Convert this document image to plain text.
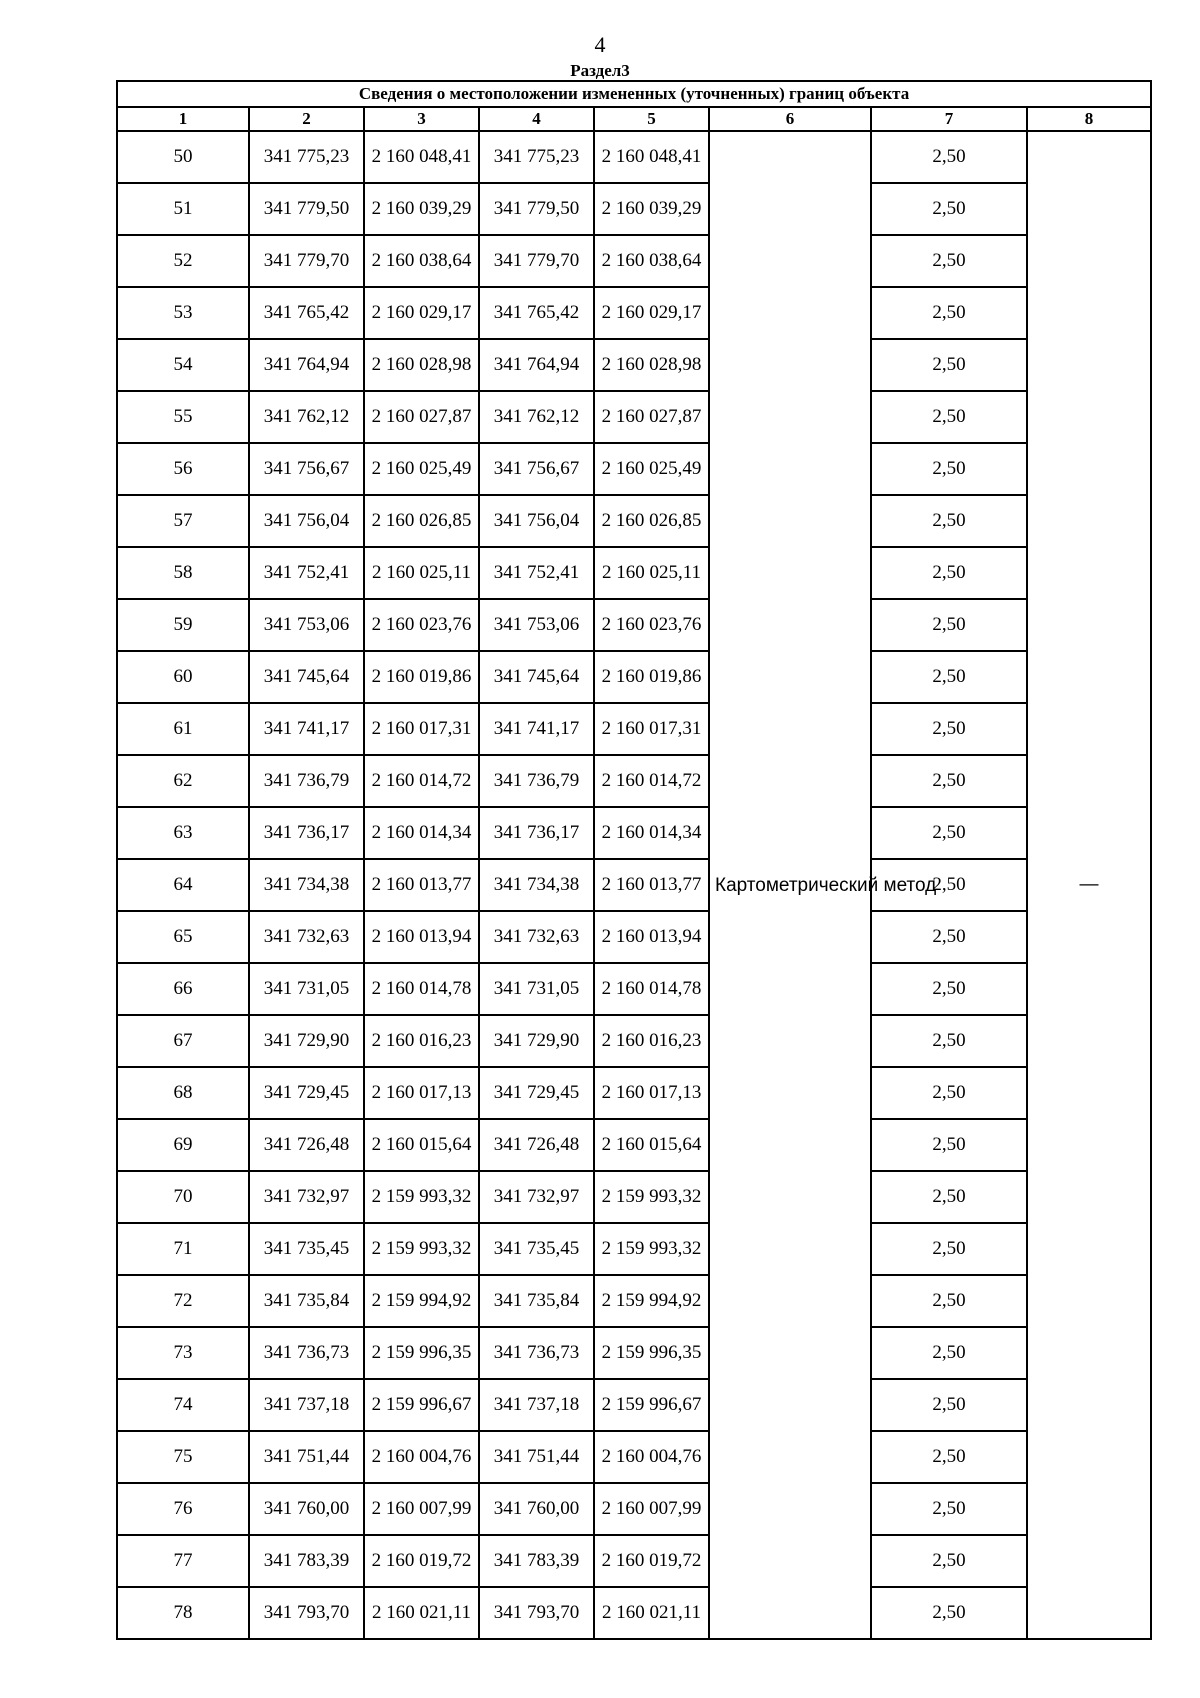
4
Раздел3
Сведения о местоположении измененных (уточненных) границ объекта							
1	2	3	4	5	6	7	8
50	341 775,23	2 160 048,41	341 775,23	2 160 048,41	Картометрический метод	2,50	—
51	341 779,50	2 160 039,29	341 779,50	2 160 039,29		2,50	
52	341 779,70	2 160 038,64	341 779,70	2 160 038,64		2,50	
53	341 765,42	2 160 029,17	341 765,42	2 160 029,17		2,50	
54	341 764,94	2 160 028,98	341 764,94	2 160 028,98		2,50	
55	341 762,12	2 160 027,87	341 762,12	2 160 027,87		2,50	
56	341 756,67	2 160 025,49	341 756,67	2 160 025,49		2,50	
57	341 756,04	2 160 026,85	341 756,04	2 160 026,85		2,50	
58	341 752,41	2 160 025,11	341 752,41	2 160 025,11		2,50	
59	341 753,06	2 160 023,76	341 753,06	2 160 023,76		2,50	
60	341 745,64	2 160 019,86	341 745,64	2 160 019,86		2,50	
61	341 741,17	2 160 017,31	341 741,17	2 160 017,31		2,50	
62	341 736,79	2 160 014,72	341 736,79	2 160 014,72		2,50	
63	341 736,17	2 160 014,34	341 736,17	2 160 014,34		2,50	
64	341 734,38	2 160 013,77	341 734,38	2 160 013,77		2,50	
65	341 732,63	2 160 013,94	341 732,63	2 160 013,94		2,50	
66	341 731,05	2 160 014,78	341 731,05	2 160 014,78		2,50	
67	341 729,90	2 160 016,23	341 729,90	2 160 016,23		2,50	
68	341 729,45	2 160 017,13	341 729,45	2 160 017,13		2,50	
69	341 726,48	2 160 015,64	341 726,48	2 160 015,64		2,50	
70	341 732,97	2 159 993,32	341 732,97	2 159 993,32		2,50	
71	341 735,45	2 159 993,32	341 735,45	2 159 993,32		2,50	
72	341 735,84	2 159 994,92	341 735,84	2 159 994,92		2,50	
73	341 736,73	2 159 996,35	341 736,73	2 159 996,35		2,50	
74	341 737,18	2 159 996,67	341 737,18	2 159 996,67		2,50	
75	341 751,44	2 160 004,76	341 751,44	2 160 004,76		2,50	
76	341 760,00	2 160 007,99	341 760,00	2 160 007,99		2,50	
77	341 783,39	2 160 019,72	341 783,39	2 160 019,72		2,50	
78	341 793,70	2 160 021,11	341 793,70	2 160 021,11		2,50	
